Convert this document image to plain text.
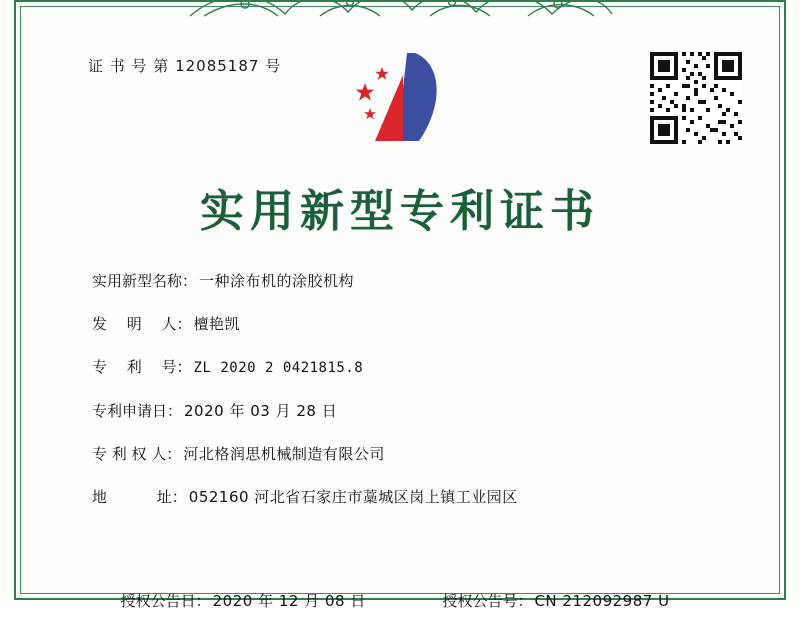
证 书 号 第 12085187 号
实用新型专利证书
实用新型名称： 一种涂布机的涂胶机构
发　 明　 人： 檀艳凯
专　 利　 号： ZL 2020 2 0421815.8
专利申请日： 2020 年 03 月 28 日
专 利 权 人： 河北格润思机械制造有限公司
地　　 　址： 052160 河北省石家庄市藁城区岗上镇工业园区

授权公告日： 2020 年 12 月 08 日
	授权公告号： CN 212092987 U
